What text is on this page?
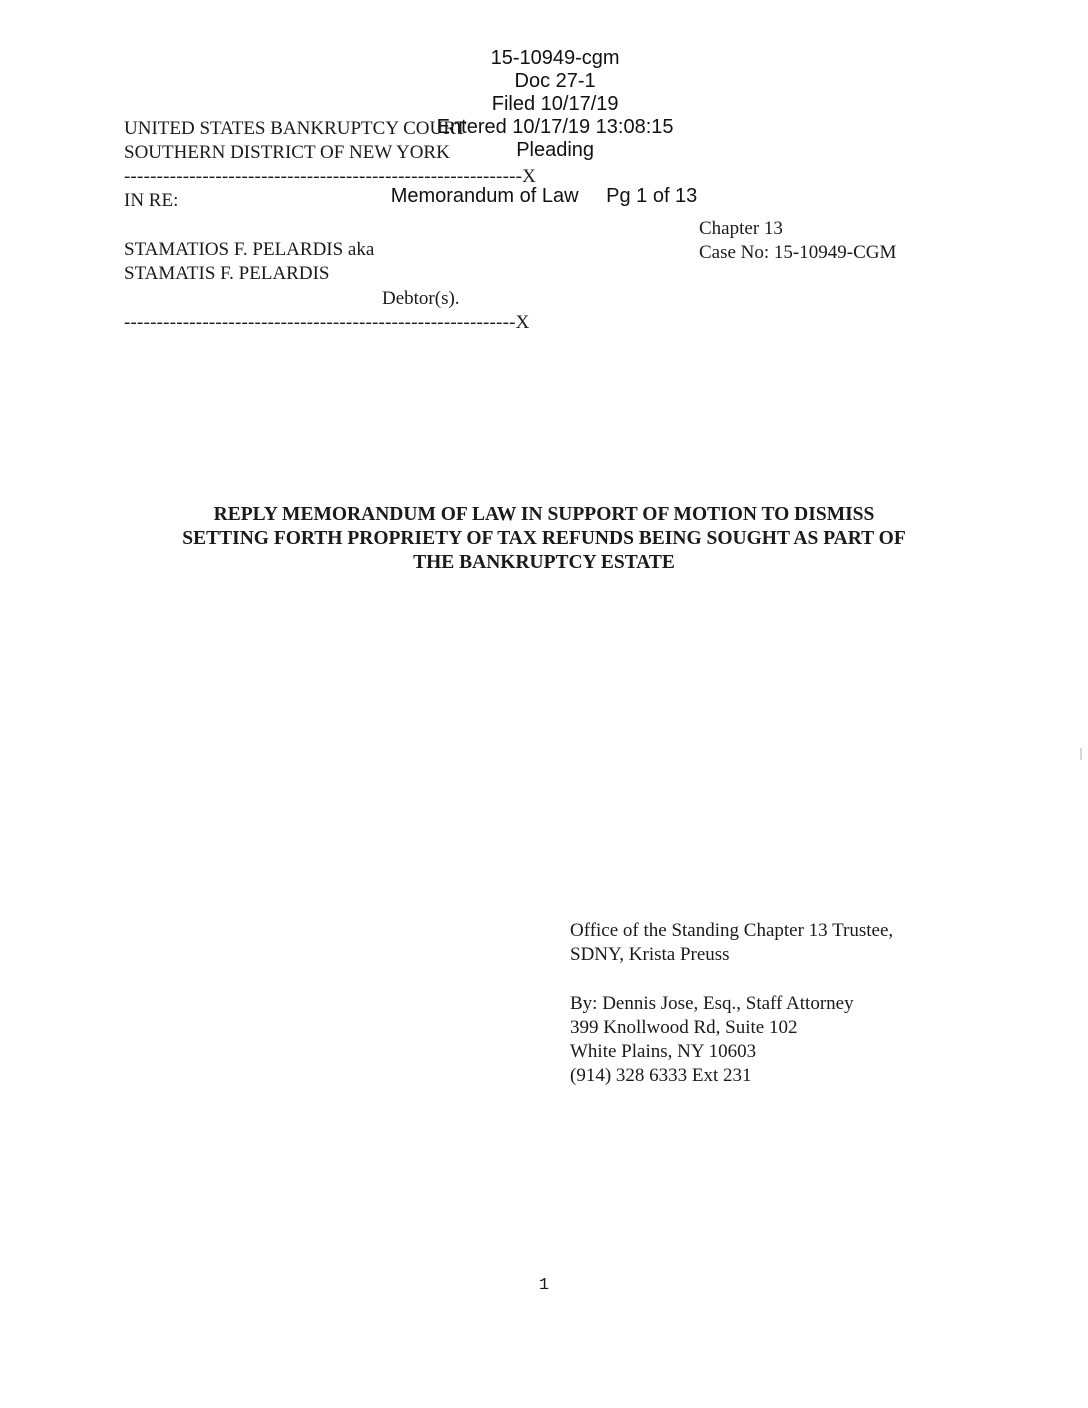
15-10949-cgm
Doc 27-1
Filed 10/17/19
Entered 10/17/19 13:08:15
Pleading

Memorandum of Law Pg 1 of 13
UNITED STATES BANKRUPTCY COURT
SOUTHERN DISTRICT OF NEW YORK
-------------------------------------------------------------X
IN RE:
STAMATIOS F. PELARDIS aka
STAMATIS F. PELARDIS
Debtor(s).
------------------------------------------------------------X
Chapter 13
Case No: 15-10949-CGM
REPLY MEMORANDUM OF LAW IN SUPPORT OF MOTION TO DISMISS
SETTING FORTH PROPRIETY OF TAX REFUNDS BEING SOUGHT AS PART OF
THE BANKRUPTCY ESTATE
Office of the Standing Chapter 13 Trustee,
SDNY, Krista Preuss
By: Dennis Jose, Esq., Staff Attorney
399 Knollwood Rd, Suite 102
White Plains, NY 10603
(914) 328 6333 Ext 231
1
